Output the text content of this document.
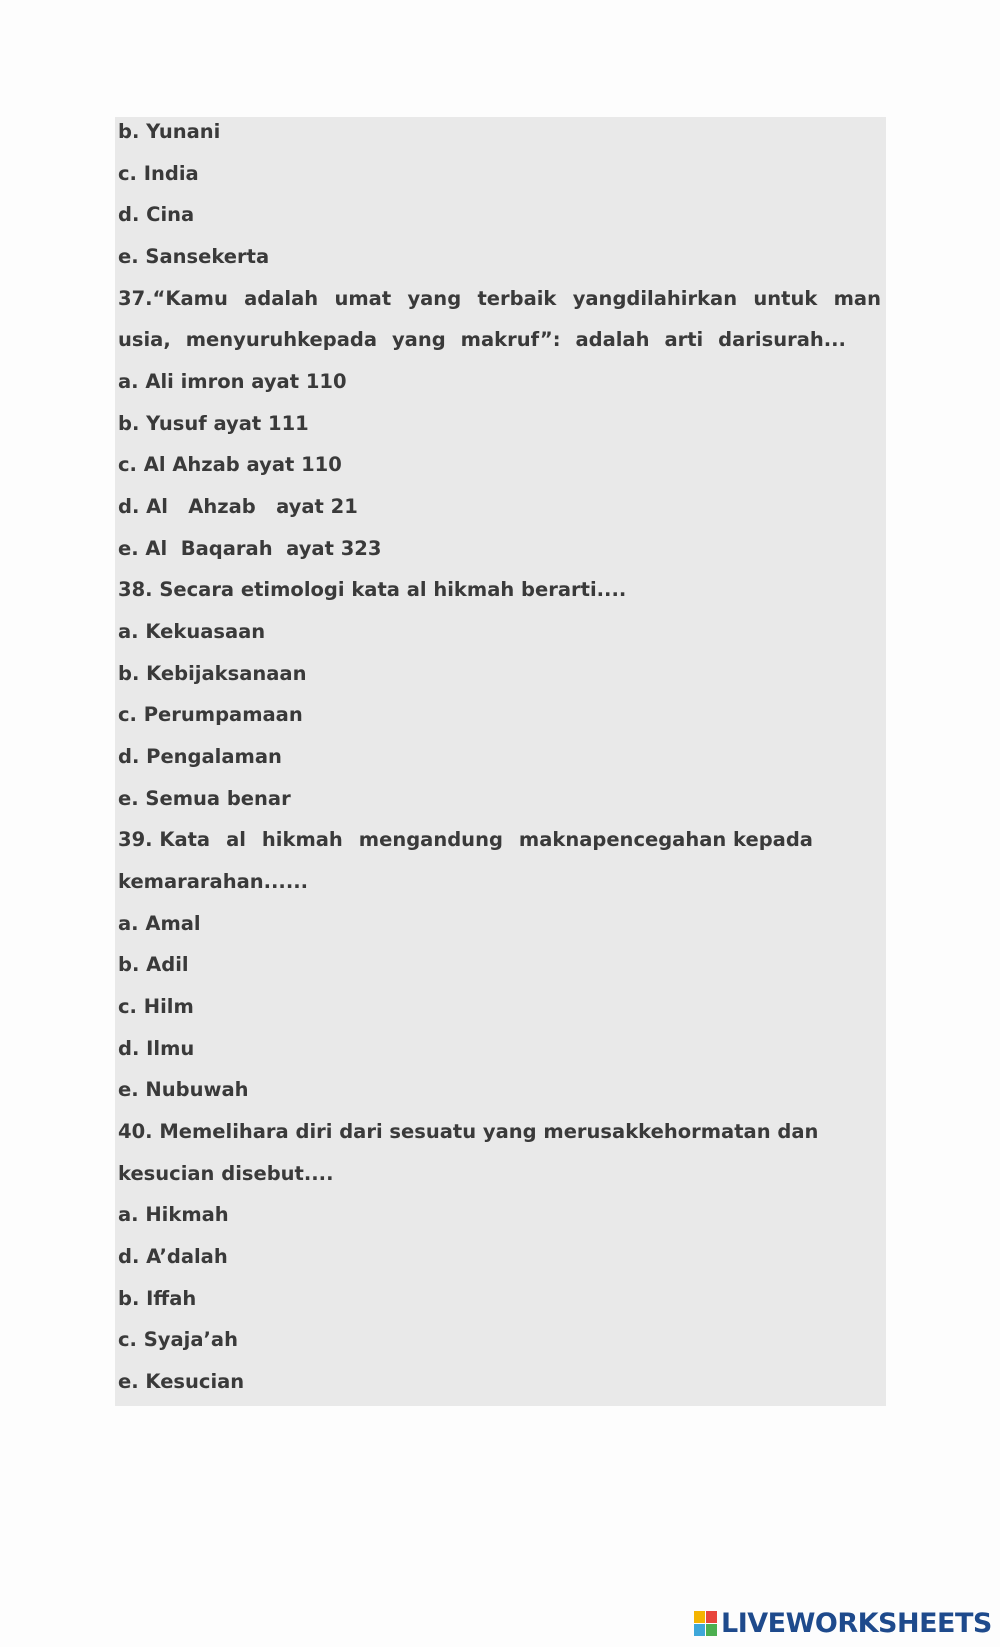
b. Yunani
c. India
d. Cina
e. Sansekerta
37.“Kamu adalah umat yang terbaik yangdilahirkan untuk man
usia, menyuruhkepada yang makruf”: adalah arti darisurah...
a. Ali imron ayat 110
b. Yusuf ayat 111
c. Al Ahzab ayat 110
d. Al   Ahzab   ayat 21
e. Al  Baqarah  ayat 323
38. Secara etimologi kata al hikmah berarti....
a. Kekuasaan
b. Kebijaksanaan
c. Perumpamaan
d. Pengalaman
e. Semua benar
39. Kata al hikmah mengandung maknapencegahan kepada
kemararahan......
a. Amal
b. Adil
c. Hilm
d. Ilmu
e. Nubuwah
40. Memelihara diri dari sesuatu yang merusakkehormatan dan
kesucian disebut....
a. Hikmah
d. A’dalah
b. Iffah
c. Syaja’ah
e. Kesucian
LIVEWORKSHEETS
